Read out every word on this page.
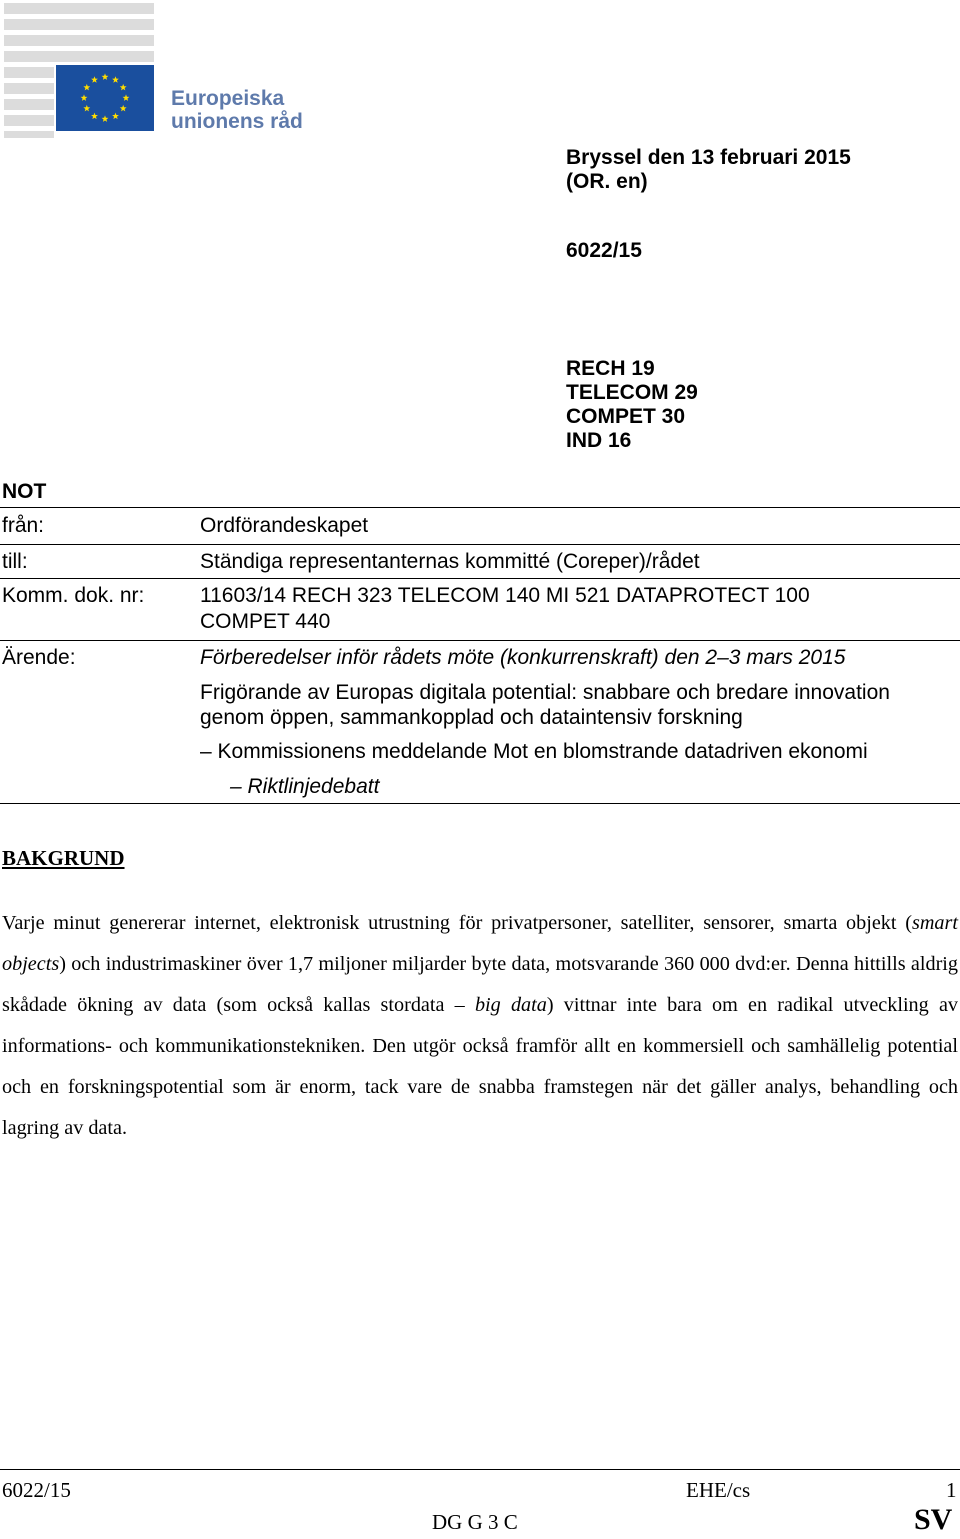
Europeiska
unionens råd
Bryssel den 13 februari 2015
(OR. en)
6022/15
RECH 19
TELECOM 29
COMPET 30
IND 16
NOT
från:	Ordförandeskapet
till:	Ständiga representanternas kommitté (Coreper)/rådet
Komm. dok. nr:	11603/14 RECH 323 TELECOM 140 MI 521 DATAPROTECT 100
COMPET 440
Ärende:	Förberedelser inför rådets möte (konkurrenskraft) den 2–3 mars 2015
Frigörande av Europas digitala potential: snabbare och bredare innovation
genom öppen, sammankopplad och dataintensiv forskning
– Kommissionens meddelande Mot en blomstrande datadriven ekonomi
– Riktlinjedebatt
BAKGRUND

Varje minut genererar internet, elektronisk utrustning för privatpersoner, satelliter, sensorer, smarta objekt (smart objects) och industrimaskiner över 1,7 miljoner miljarder byte data, motsvarande 360 000 dvd:er. Denna hittills aldrig skådade ökning av data (som också kallas stordata – big data) vittnar inte bara om en radikal utveckling av informations- och kommunikationstekniken. Den utgör också framför allt en kommersiell och samhällelig potential och en forskningspotential som är enorm, tack vare de snabba framstegen när det gäller analys, behandling och lagring av data.

6022/15	EHE/cs	1
DG G 3 C	SV
